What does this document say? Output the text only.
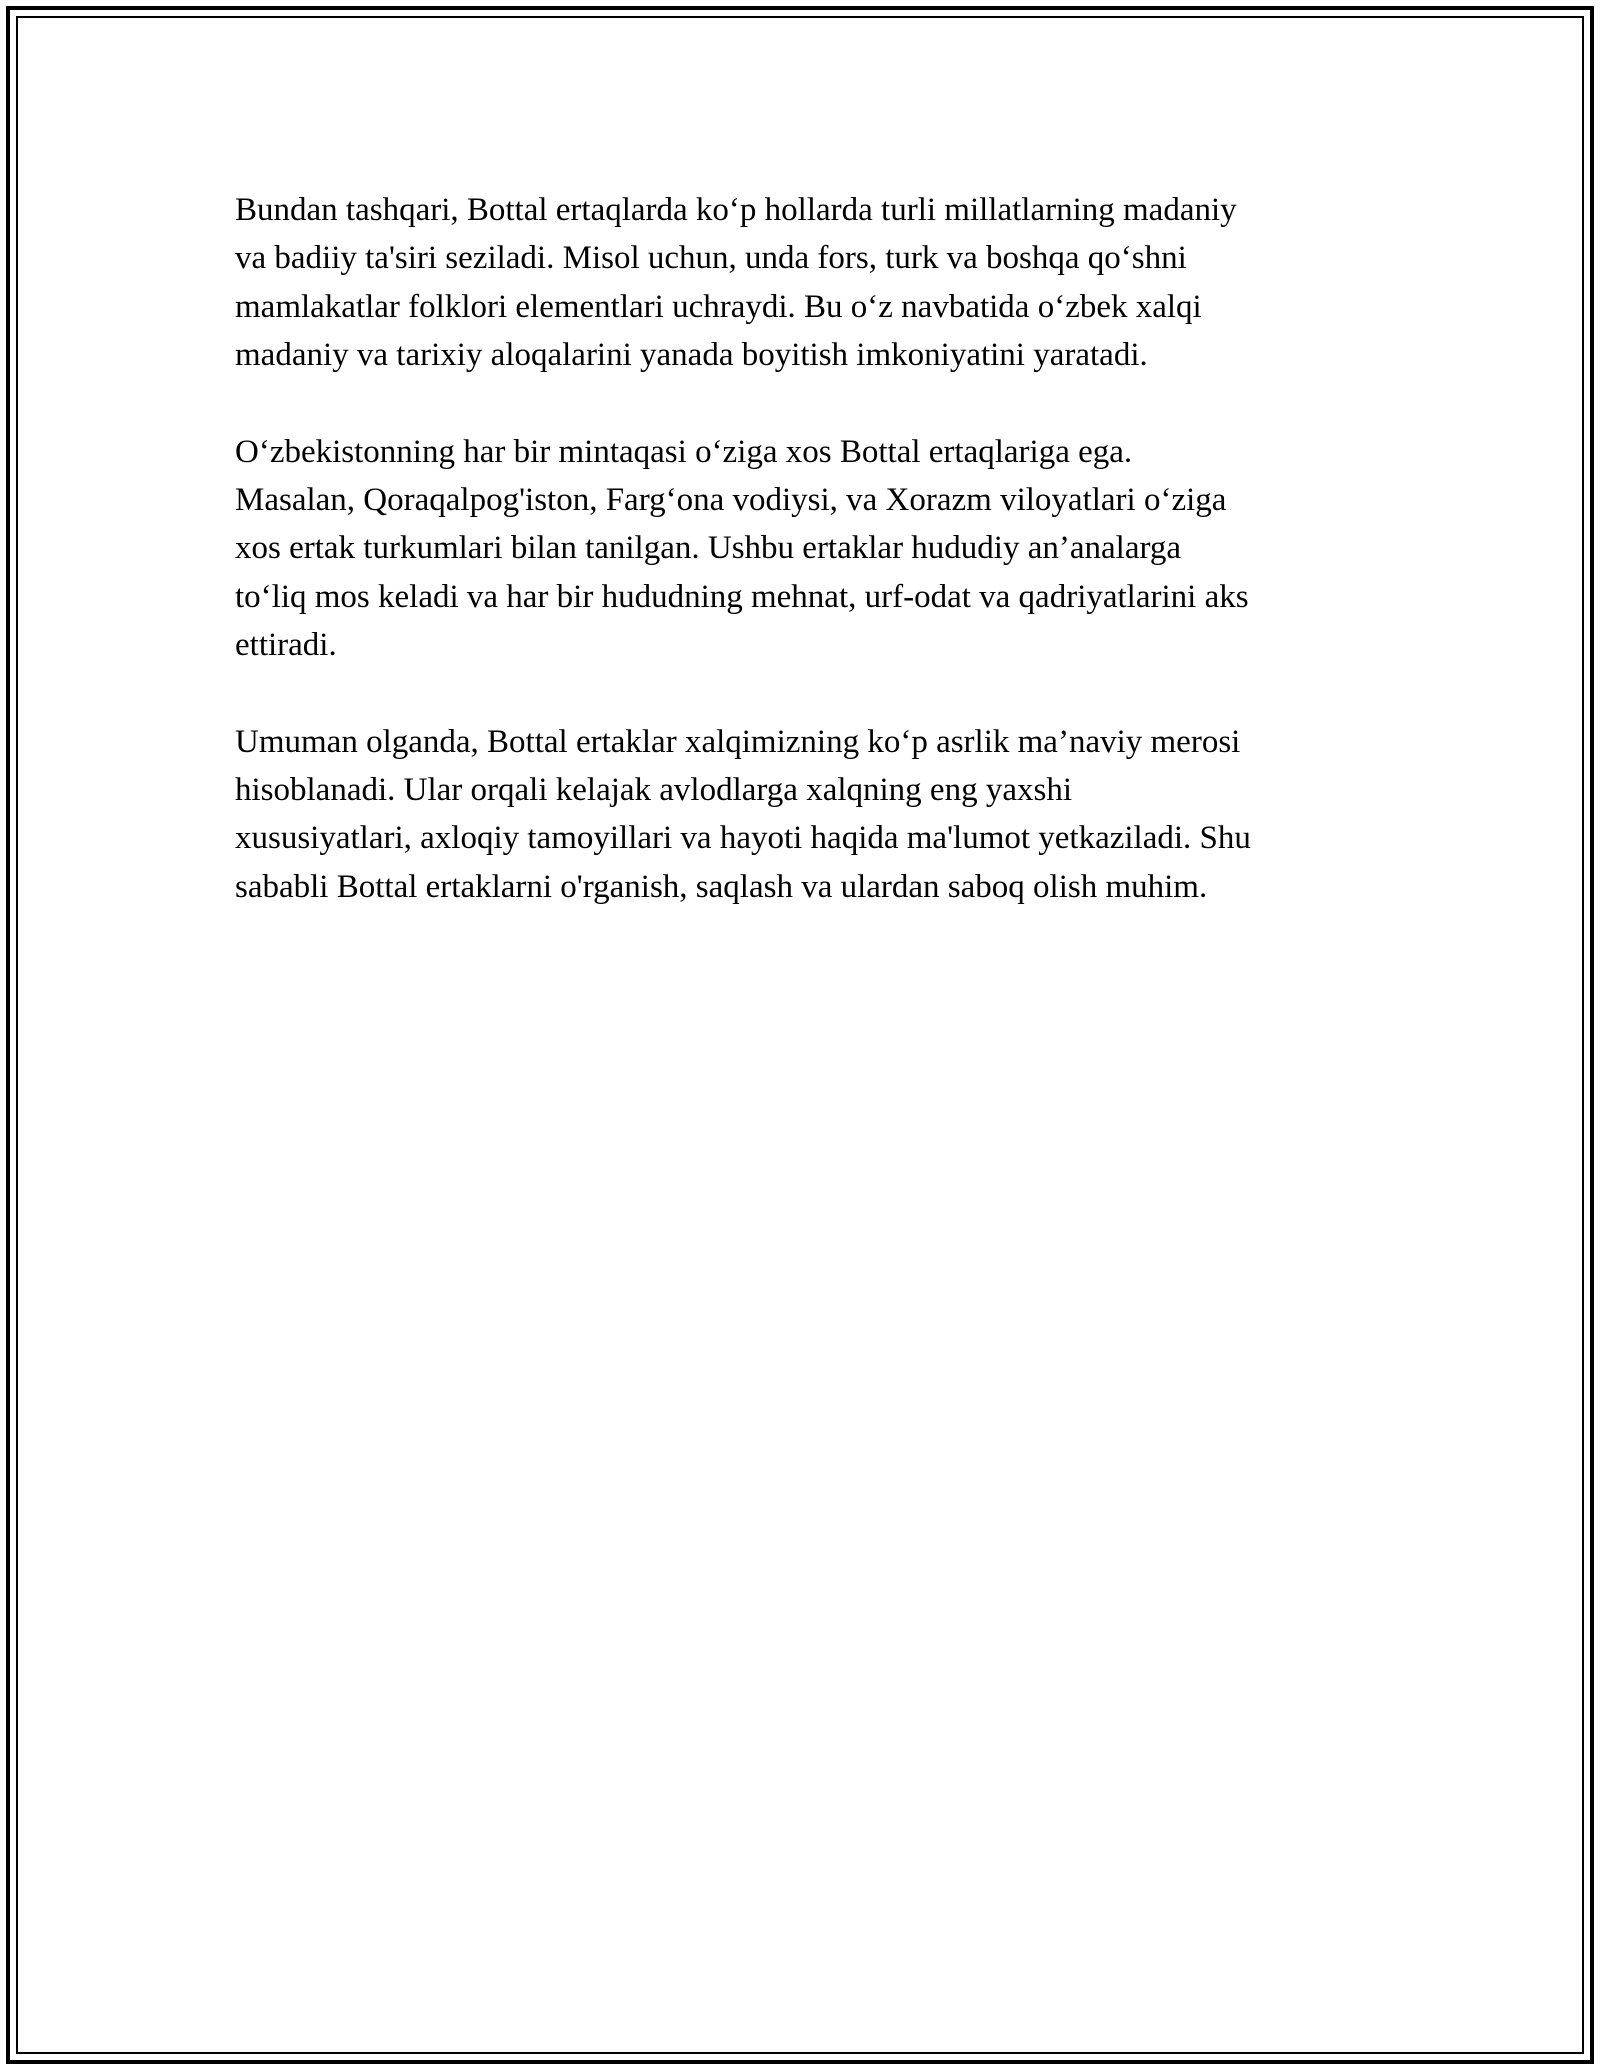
Bundan tashqari, Bottal ertaqlarda ko‘p hollarda turli millatlarning madaniy
va badiiy ta'siri seziladi. Misol uchun, unda fors, turk va boshqa qo‘shni
mamlakatlar folklori elementlari uchraydi. Bu o‘z navbatida o‘zbek xalqi
madaniy va tarixiy aloqalarini yanada boyitish imkoniyatini yaratadi.

O‘zbekistonning har bir mintaqasi o‘ziga xos Bottal ertaqlariga ega.
Masalan, Qoraqalpog'iston, Farg‘ona vodiysi, va Xorazm viloyatlari o‘ziga
xos ertak turkumlari bilan tanilgan. Ushbu ertaklar hududiy an’analarga
to‘liq mos keladi va har bir hududning mehnat, urf-odat va qadriyatlarini aks
ettiradi.

Umuman olganda, Bottal ertaklar xalqimizning ko‘p asrlik ma’naviy merosi
hisoblanadi. Ular orqali kelajak avlodlarga xalqning eng yaxshi
xususiyatlari, axloqiy tamoyillari va hayoti haqida ma'lumot yetkaziladi. Shu
sababli Bottal ertaklarni o'rganish, saqlash va ulardan saboq olish muhim.
